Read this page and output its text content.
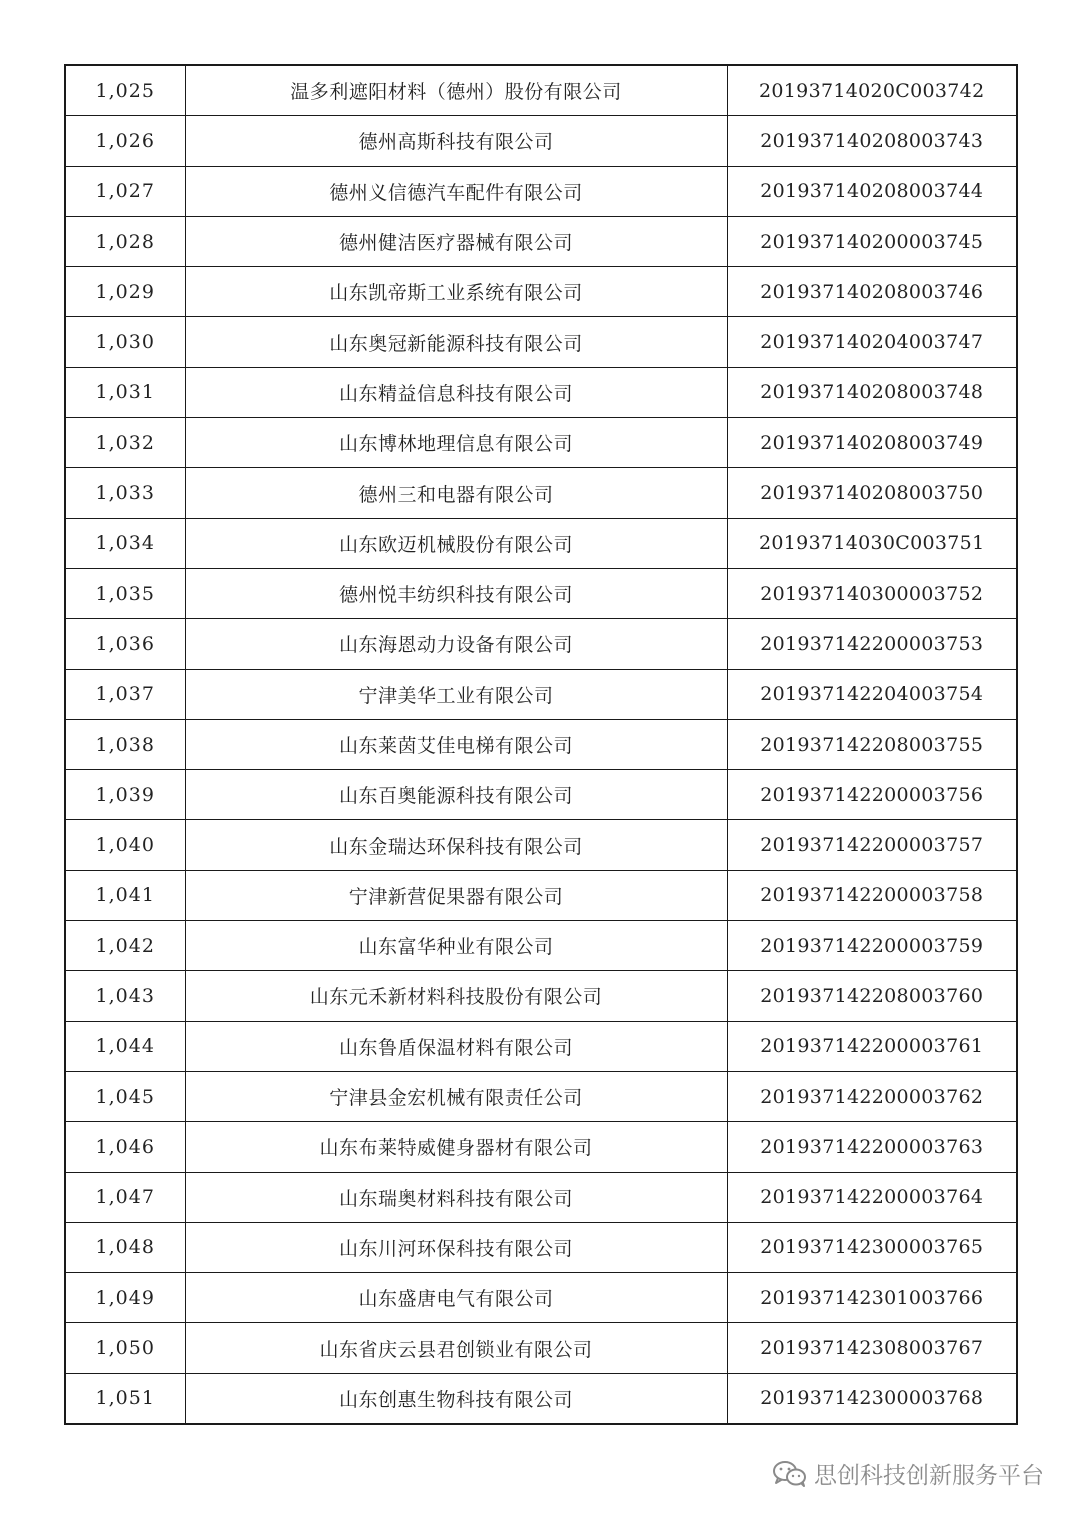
1,025	温多利遮阳材料（德州）股份有限公司	20193714020C003742
1,026	德州高斯科技有限公司	201937140208003743
1,027	德州义信德汽车配件有限公司	201937140208003744
1,028	德州健洁医疗器械有限公司	201937140200003745
1,029	山东凯帝斯工业系统有限公司	201937140208003746
1,030	山东奥冠新能源科技有限公司	201937140204003747
1,031	山东精益信息科技有限公司	201937140208003748
1,032	山东博林地理信息有限公司	201937140208003749
1,033	德州三和电器有限公司	201937140208003750
1,034	山东欧迈机械股份有限公司	20193714030C003751
1,035	德州悦丰纺织科技有限公司	201937140300003752
1,036	山东海恩动力设备有限公司	201937142200003753
1,037	宁津美华工业有限公司	201937142204003754
1,038	山东莱茵艾佳电梯有限公司	201937142208003755
1,039	山东百奥能源科技有限公司	201937142200003756
1,040	山东金瑞达环保科技有限公司	201937142200003757
1,041	宁津新营促果器有限公司	201937142200003758
1,042	山东富华种业有限公司	201937142200003759
1,043	山东元禾新材料科技股份有限公司	201937142208003760
1,044	山东鲁盾保温材料有限公司	201937142200003761
1,045	宁津县金宏机械有限责任公司	201937142200003762
1,046	山东布莱特威健身器材有限公司	201937142200003763
1,047	山东瑞奥材料科技有限公司	201937142200003764
1,048	山东川河环保科技有限公司	201937142300003765
1,049	山东盛唐电气有限公司	201937142301003766
1,050	山东省庆云县君创锁业有限公司	201937142308003767
1,051	山东创惠生物科技有限公司	201937142300003768
思创科技创新服务平台
